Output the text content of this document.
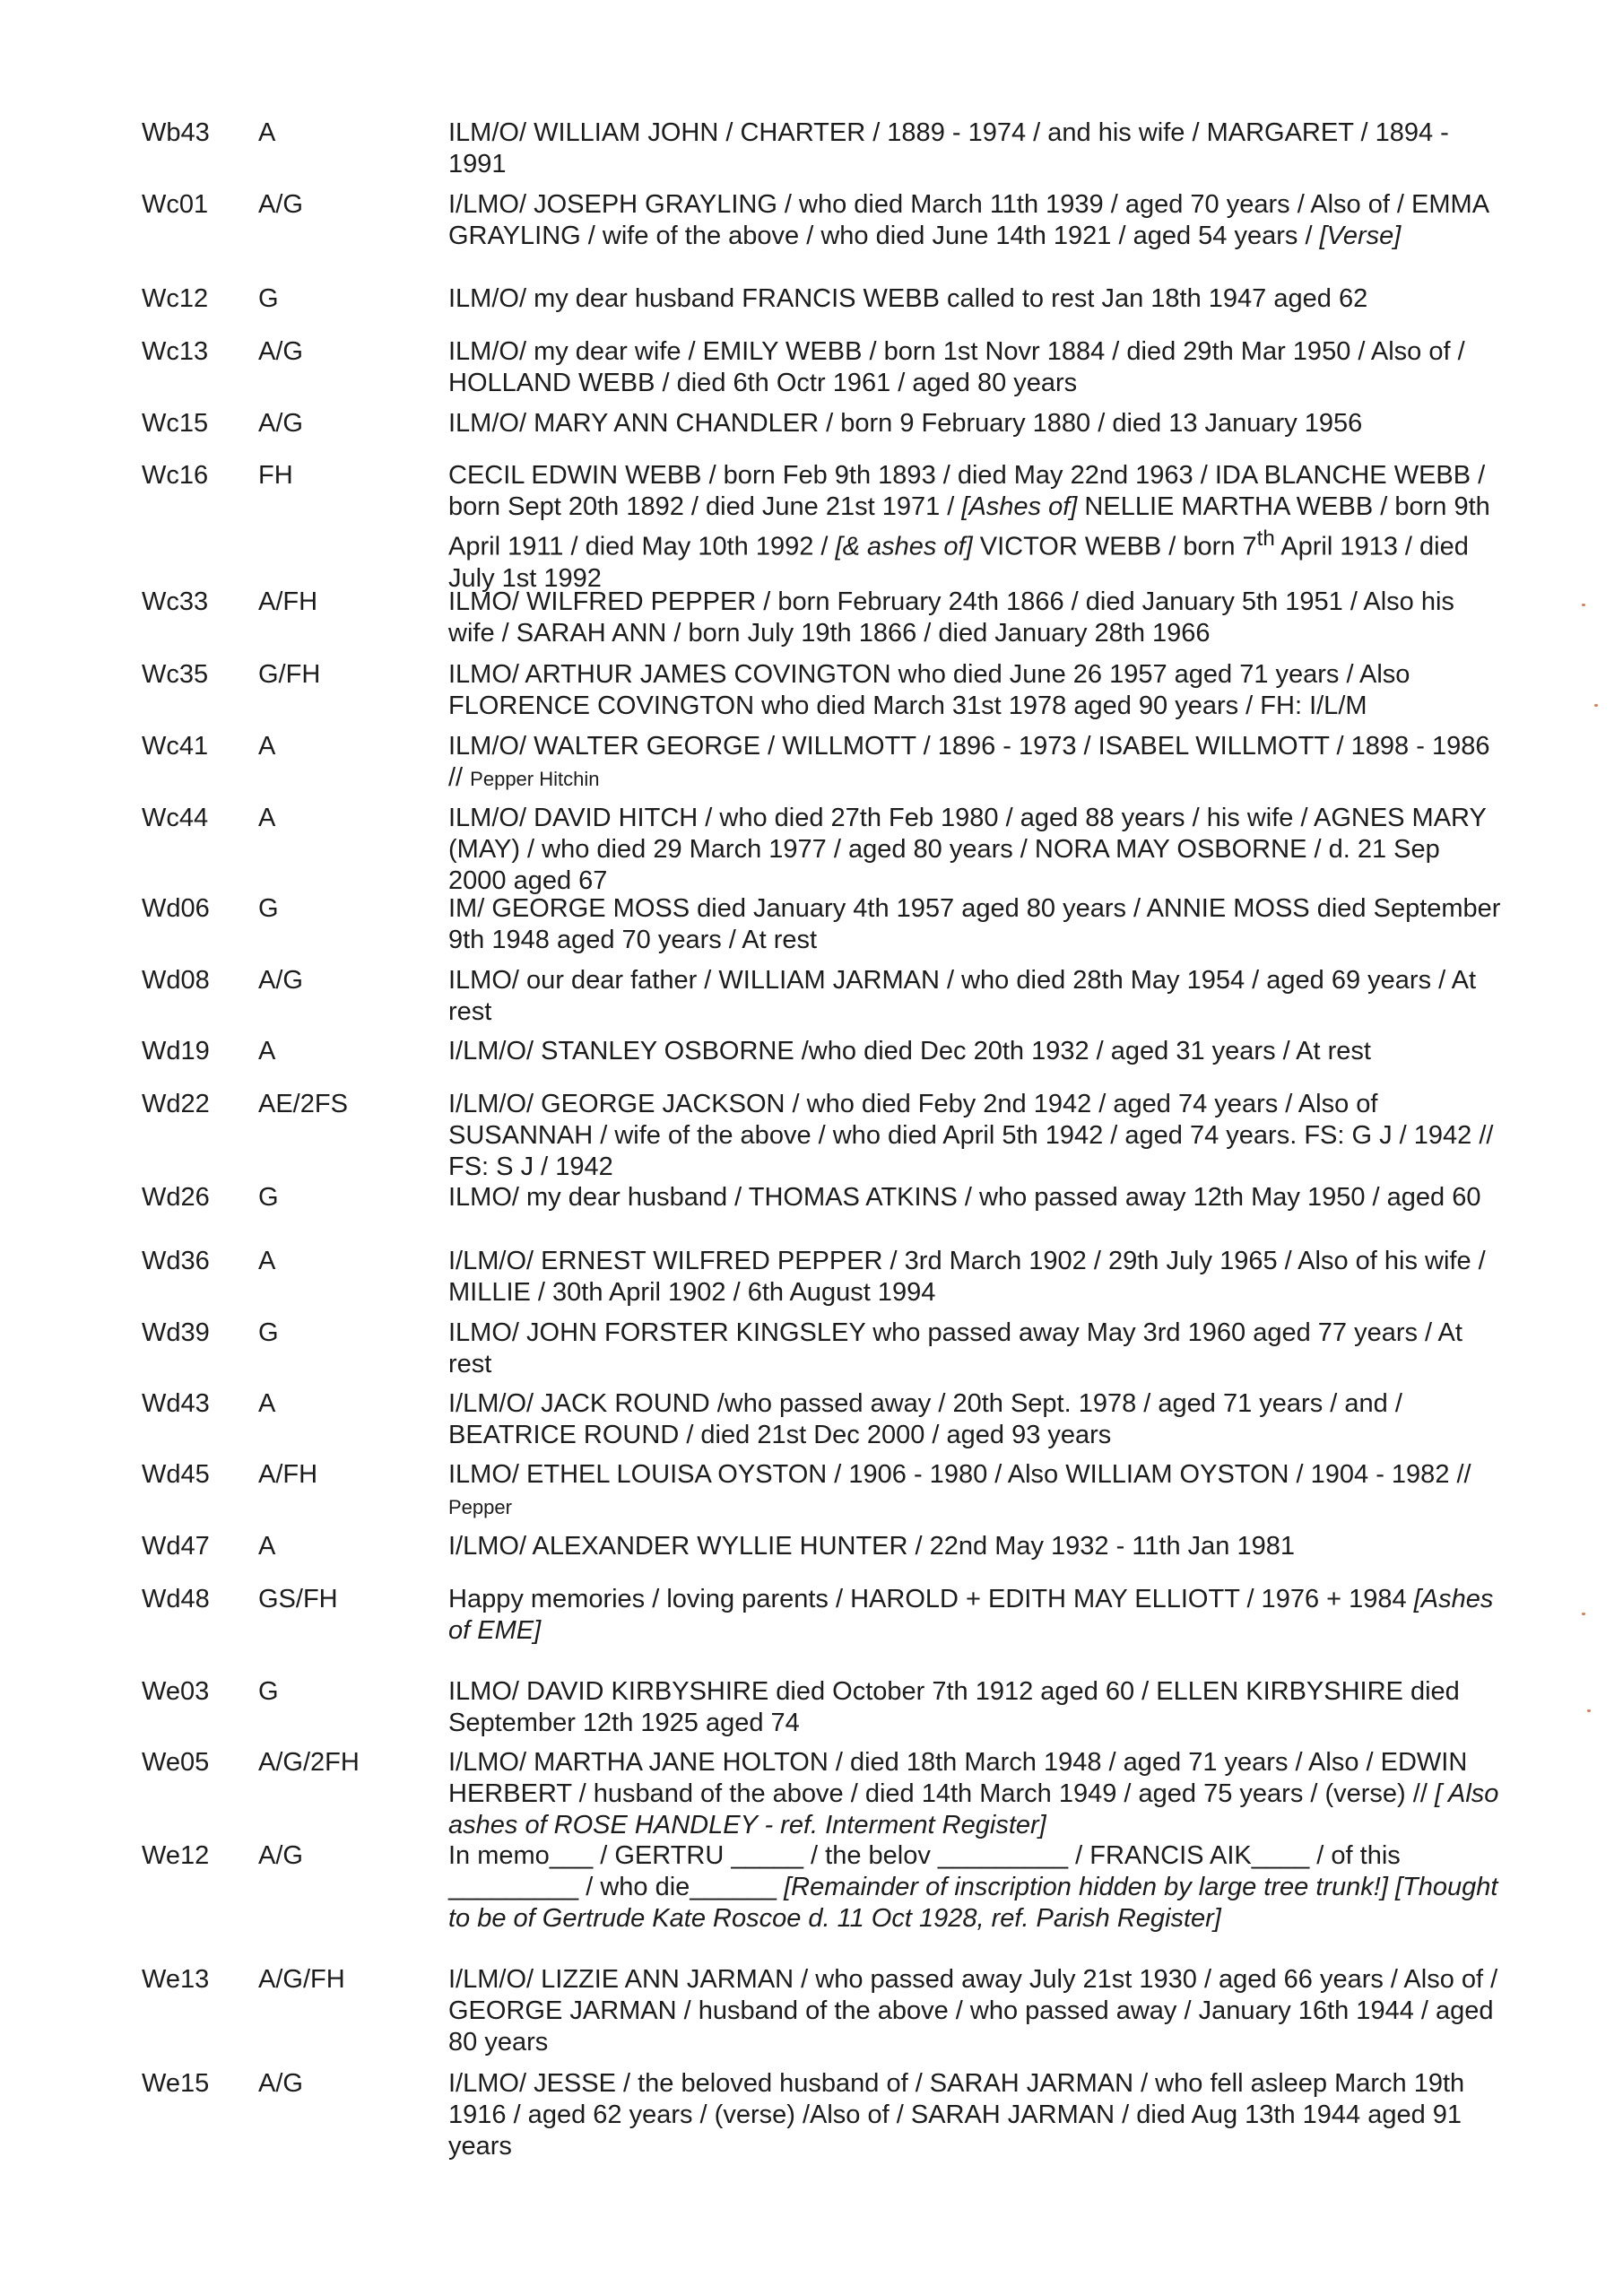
Wb43 A	ILM/O/ WILLIAM JOHN / CHARTER / 1889 - 1974 / and his wife / MARGARET / 1894 - 1991
Wc01 A/G	I/LMO/ JOSEPH GRAYLING / who died March 11th 1939 / aged 70 years / Also of / EMMA GRAYLING / wife of the above / who died June 14th 1921 / aged 54 years / [Verse]
Wc12 G	ILM/O/ my dear husband FRANCIS WEBB called to rest Jan 18th 1947 aged 62
Wc13 A/G	ILM/O/ my dear wife / EMILY WEBB / born 1st Novr 1884 / died 29th Mar 1950 / Also of / HOLLAND WEBB / died 6th Octr 1961 / aged 80 years
Wc15 A/G	ILM/O/ MARY ANN CHANDLER / born 9 February 1880 / died 13 January 1956
Wc16 FH	CECIL EDWIN WEBB / born Feb 9th 1893 / died May 22nd 1963 / IDA BLANCHE WEBB / born Sept 20th 1892 / died June 21st 1971 / [Ashes of] NELLIE MARTHA WEBB / born 9th April 1911 / died May 10th 1992 / [& ashes of] VICTOR WEBB / born 7th April 1913 / died July 1st 1992
Wc33 A/FH	ILMO/ WILFRED PEPPER / born February 24th 1866 / died January 5th 1951 / Also his wife / SARAH ANN / born July 19th 1866 / died January 28th 1966
Wc35 G/FH	ILMO/ ARTHUR JAMES COVINGTON who died June 26 1957 aged 71 years / Also FLORENCE COVINGTON who died March 31st 1978 aged 90 years / FH: I/L/M
Wc41 A	ILM/O/ WALTER GEORGE / WILLMOTT / 1896 - 1973 / ISABEL WILLMOTT / 1898 - 1986 // Pepper Hitchin
Wc44 A	ILM/O/ DAVID HITCH / who died 27th Feb 1980 / aged 88 years / his wife / AGNES MARY (MAY) / who died 29 March 1977 / aged 80 years / NORA MAY OSBORNE / d. 21 Sep 2000 aged 67
Wd06 G	IM/ GEORGE MOSS died January 4th 1957 aged 80 years / ANNIE MOSS died September 9th 1948 aged 70 years / At rest
Wd08 A/G	ILMO/ our dear father / WILLIAM JARMAN / who died 28th May 1954 / aged 69 years / At rest
Wd19 A	I/LM/O/ STANLEY OSBORNE /who died Dec 20th 1932 / aged 31 years / At rest
Wd22 AE/2FS	I/LM/O/ GEORGE JACKSON / who died Feby 2nd 1942 / aged 74 years / Also of SUSANNAH / wife of the above / who died April 5th 1942 / aged 74 years. FS: G J / 1942 // FS: S J / 1942
Wd26 G	ILMO/ my dear husband / THOMAS ATKINS / who passed away 12th May 1950 / aged 60
Wd36 A	I/LM/O/ ERNEST WILFRED PEPPER / 3rd March 1902 / 29th July 1965 / Also of his wife / MILLIE / 30th April 1902 / 6th August 1994
Wd39 G	ILMO/ JOHN FORSTER KINGSLEY who passed away May 3rd 1960 aged 77 years / At rest
Wd43 A	I/LM/O/ JACK ROUND /who passed away / 20th Sept. 1978 / aged 71 years / and / BEATRICE ROUND / died 21st Dec 2000 / aged 93 years
Wd45 A/FH	ILMO/ ETHEL LOUISA OYSTON / 1906 - 1980 / Also WILLIAM OYSTON / 1904 - 1982 // Pepper
Wd47 A	I/LMO/ ALEXANDER WYLLIE HUNTER / 22nd May 1932 - 11th Jan 1981
Wd48 GS/FH	Happy memories / loving parents / HAROLD + EDITH MAY ELLIOTT / 1976 + 1984 [Ashes of EME]
We03 G	ILMO/ DAVID KIRBYSHIRE died October 7th 1912 aged 60 / ELLEN KIRBYSHIRE died September 12th 1925 aged 74
We05 A/G/2FH	I/LMO/ MARTHA JANE HOLTON / died 18th March 1948 / aged 71 years / Also / EDWIN HERBERT / husband of the above / died 14th March 1949 / aged 75 years / (verse) // [ Also ashes of ROSE HANDLEY - ref. Interment Register]
We12 A/G	In memo___ / GERTRU _____ / the belov _________ / FRANCIS AIK____ / of this _________ / who die______ [Remainder of inscription hidden by large tree trunk!] [Thought to be of Gertrude Kate Roscoe d. 11 Oct 1928, ref. Parish Register]
We13 A/G/FH	I/LM/O/ LIZZIE ANN JARMAN / who passed away July 21st 1930 / aged 66 years / Also of / GEORGE JARMAN / husband of the above / who passed away / January 16th 1944 / aged 80 years
We15 A/G	I/LMO/ JESSE / the beloved husband of / SARAH JARMAN / who fell asleep March 19th 1916 / aged 62 years / (verse) /Also of / SARAH JARMAN / died Aug 13th 1944 aged 91 years
